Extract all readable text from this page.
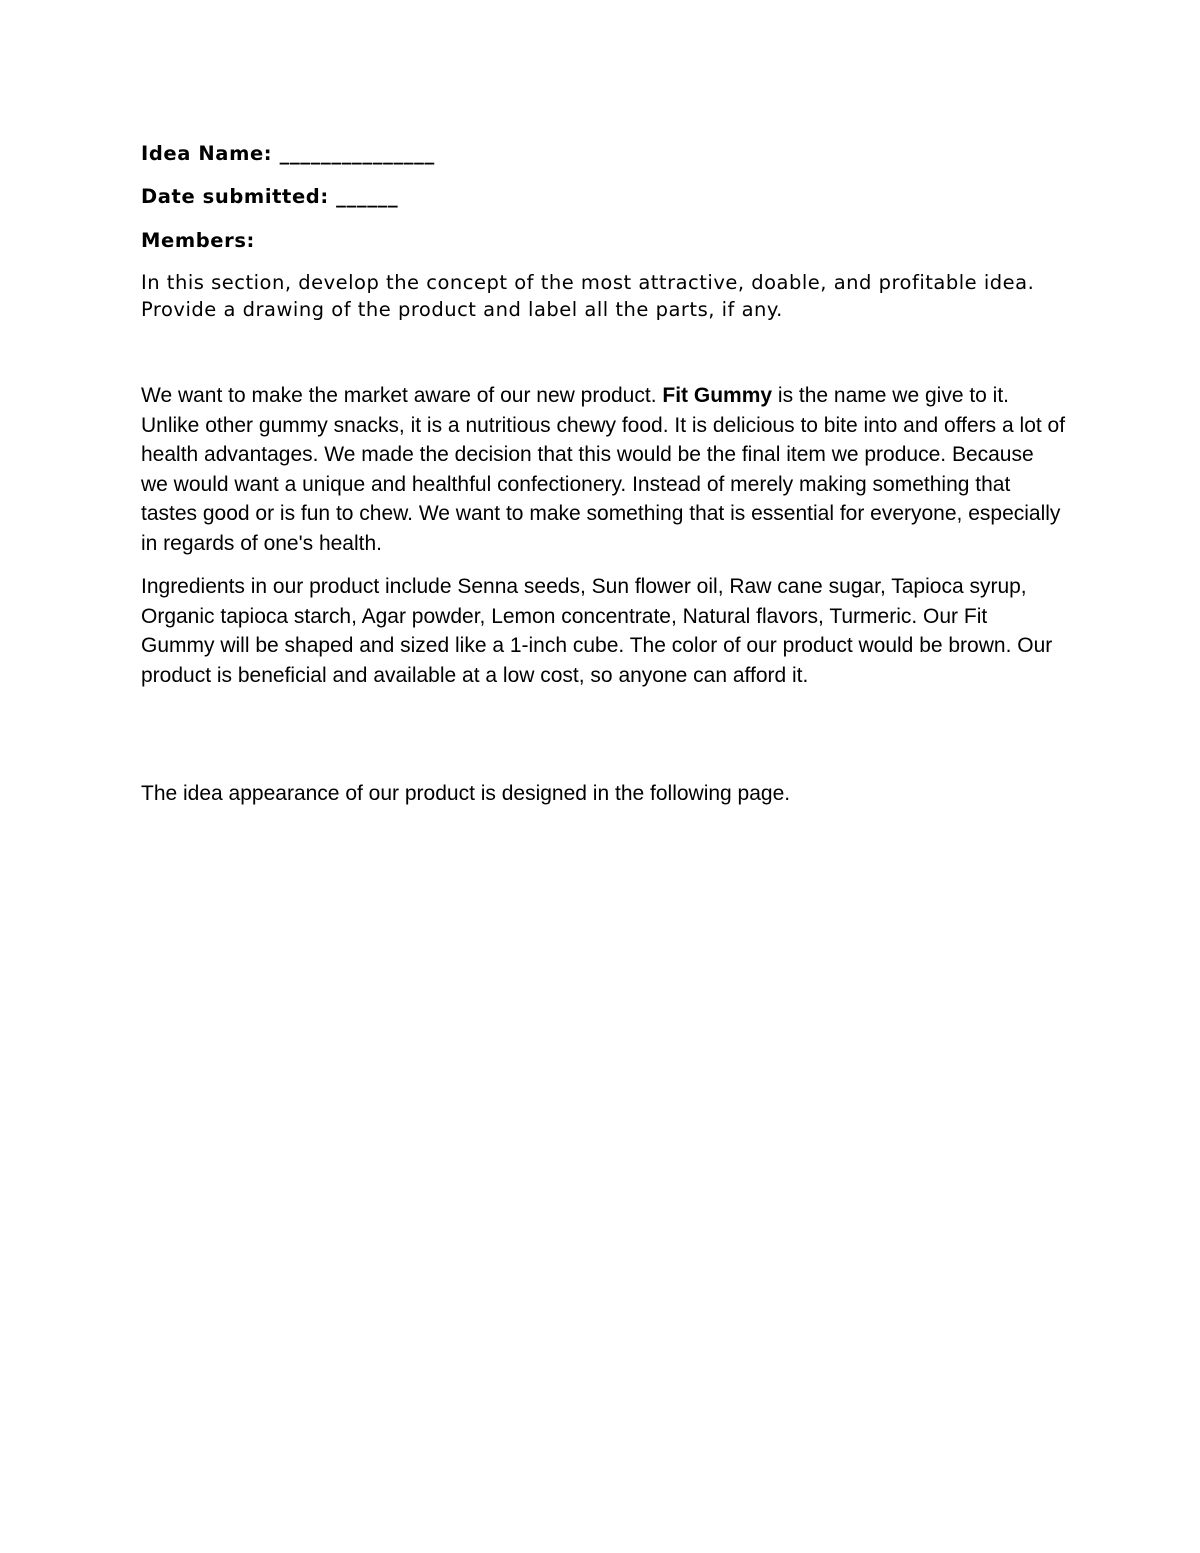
Idea Name: _______________
Date submitted: ______
Members:

In this section, develop the concept of the most attractive, doable, and profitable idea. Provide a drawing of the product and label all the parts, if any.

We want to make the market aware of our new product. Fit Gummy is the name we give to it. Unlike other gummy snacks, it is a nutritious chewy food. It is delicious to bite into and offers a lot of health advantages. We made the decision that this would be the final item we produce. Because we would want a unique and healthful confectionery. Instead of merely making something that tastes good or is fun to chew. We want to make something that is essential for everyone, especially in regards of one's health.

Ingredients in our product include Senna seeds, Sun flower oil, Raw cane sugar, Tapioca syrup, Organic tapioca starch, Agar powder, Lemon concentrate, Natural flavors, Turmeric. Our Fit Gummy will be shaped and sized like a 1-inch cube. The color of our product would be brown. Our product is beneficial and available at a low cost, so anyone can afford it.

The idea appearance of our product is designed in the following page.
